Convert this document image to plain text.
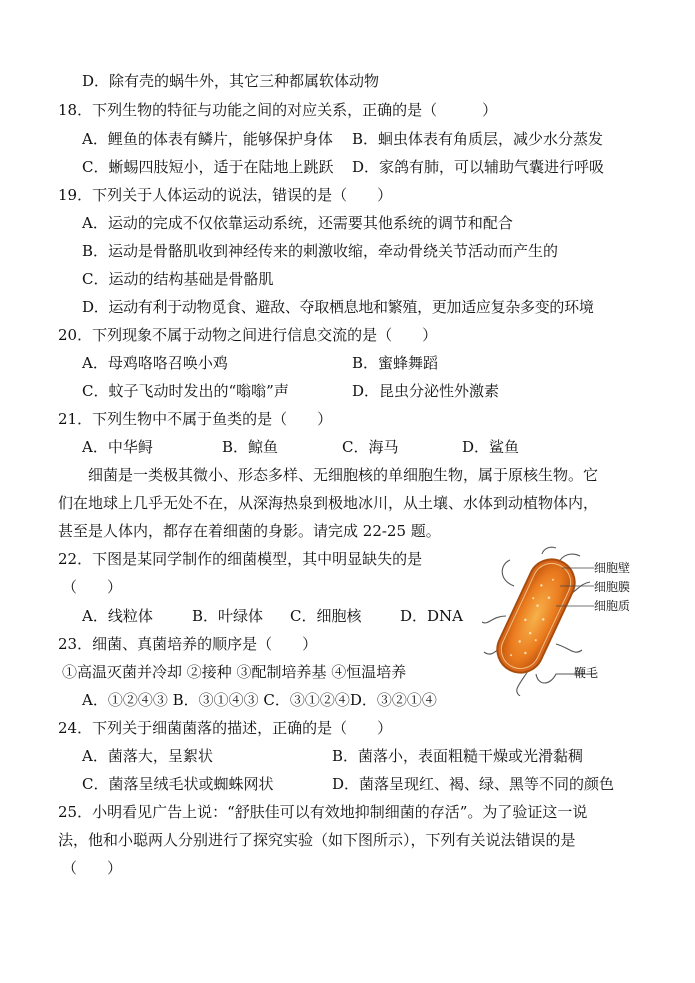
D．除有壳的蜗牛外，其它三种都属软体动物
18．下列生物的特征与功能之间的对应关系，正确的是（　　　）
A．鲤鱼的体表有鳞片，能够保护身体 B．蛔虫体表有角质层，减少水分蒸发
C．蜥蜴四肢短小，适于在陆地上跳跃 D．家鸽有肺，可以辅助气囊进行呼吸
19．下列关于人体运动的说法，错误的是（　　）
A．运动的完成不仅依靠运动系统，还需要其他系统的调节和配合
B．运动是骨骼肌收到神经传来的刺激收缩，牵动骨绕关节活动而产生的
C．运动的结构基础是骨骼肌
D．运动有利于动物觅食、避敌、夺取栖息地和繁殖，更加适应复杂多变的环境
20．下列现象不属于动物之间进行信息交流的是（　　）
A．母鸡咯咯召唤小鸡	B．蜜蜂舞蹈
C．蚊子飞动时发出的“嗡嗡”声	D．昆虫分泌性外激素
21．下列生物中不属于鱼类的是（　　）
A．中华鲟	B．鲸鱼	C．海马	D．鲨鱼
细菌是一类极其微小、形态多样、无细胞核的单细胞生物，属于原核生物。它
们在地球上几乎无处不在，从深海热泉到极地冰川，从土壤、水体到动植物体内，
甚至是人体内，都存在着细菌的身影。请完成 22-25 题。
22．下图是某同学制作的细菌模型，其中明显缺失的是
（　　）
A．线粒体	B．叶绿体 C．细胞核	D．DNA
细胞壁
细胞膜
细胞质
鞭毛
23．细菌、真菌培养的顺序是（　　）
①高温灭菌并冷却 ②接种 ③配制培养基 ④恒温培养
A．①②④③ B．③①④③ C．③①②④D．③②①④
24．下列关于细菌菌落的描述，正确的是（　　）
A．菌落大，呈絮状	B．菌落小，表面粗糙干燥或光滑黏稠
C．菌落呈绒毛状或蜘蛛网状	D．菌落呈现红、褐、绿、黑等不同的颜色
25．小明看见广告上说：“舒肤佳可以有效地抑制细菌的存活”。为了验证这一说
法，他和小聪两人分别进行了探究实验（如下图所示），下列有关说法错误的是
（　　）
